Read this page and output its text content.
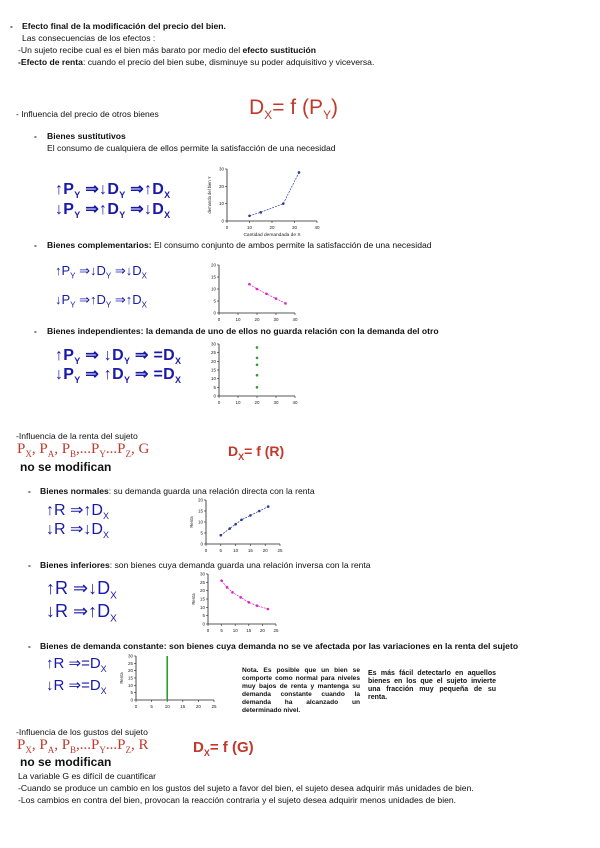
- Efecto final de la modificación del precio del bien.
Las consecuencias de los efectos :
-Un sujeto recibe cual es el bien más barato por medio del efecto sustitución
-Efecto de renta: cuando el precio del bien sube, disminuye su poder adquisitivo y viceversa.
- Influencia del precio de otros bienes	$D_X= f$ $(P_Y)$
- Bienes sustitutivos
El consumo de cualquiera de ellos permite la satisfacción de una necesidad
$↑P_Y$ $\Rightarrow↓D_Y$ $\Rightarrow↑D_X$
$↓P_Y$ $\Rightarrow↑D_Y$ $\Rightarrow↓D_X$
0	10	20	30	40
0
10
20
30
Cantidad demandada de X
demanda del bien Y
- Bienes complementarios: El consumo conjunto de ambos permite la satisfacción de una necesidad
$↑P_Y$ $\Rightarrow↓D_Y$ $\Rightarrow↓D_X$
$↓P_Y$ $\Rightarrow↑D_Y$ $\Rightarrow↑D_X$
0	10	20	30	40
0
5
10
15
20
- Bienes independientes: la demanda de uno de ellos no guarda relación con la demanda del otro
$↑P_Y$ ⇒ $↓D_Y$ ⇒ $=D_X$
$↓P_Y$ ⇒ $↑D_Y$ ⇒ $=D_X$
0	10	20	30	40
0
5
10
15
20
25
30
-Influencia de la renta del sujeto
$P_X$, $P_A$, $P_B,...P_Y...P_Z$, G
no se modifican
$D_X= f$ (R)
- Bienes normales: su demanda guarda una relación directa con la renta
↑R $\Rightarrow↑D_X$
↓R $\Rightarrow↓D_X$
0	5 10 15 20 25
0
5
10
15
20
Renta
- Bienes inferiores: son bienes cuya demanda guarda una relación inversa con la renta
↑R $\Rightarrow↓D_X$
↓R $\Rightarrow↑D_X$
0 5 10 15 20 25
0
5
10
15
20
25
30
Renta
- Bienes de demanda constante: son bienes cuya demanda no se ve afectada por las variaciones en la renta del sujeto
↑R $\Rightarrow=D_X$
↓R $\Rightarrow=D_X$
0	5	10 15 20 25
0
5
10
15
20
25
30
Renta
Nota. Es posible que un bien se comporte como normal para niveles muy bajos de renta y mantenga su demanda constante cuando la demanda ha alcanzado un determinado nivel.
Es más fácil detectarlo en aquellos bienes en los que el sujeto invierte una fracción muy pequeña de su renta.
-Influencia de los gustos del sujeto
$P_X$, $P_A$, $P_B,...P_Y...P_Z$, R	$D_X= f$ (G)
no se modifican
La variable G es difícil de cuantificar
-Cuando se produce un cambio en los gustos del sujeto a favor del bien, el sujeto desea adquirir más unidades de bien.
-Los cambios en contra del bien, provocan la reacción contraria y el sujeto desea adquirir menos unidades de bien.
